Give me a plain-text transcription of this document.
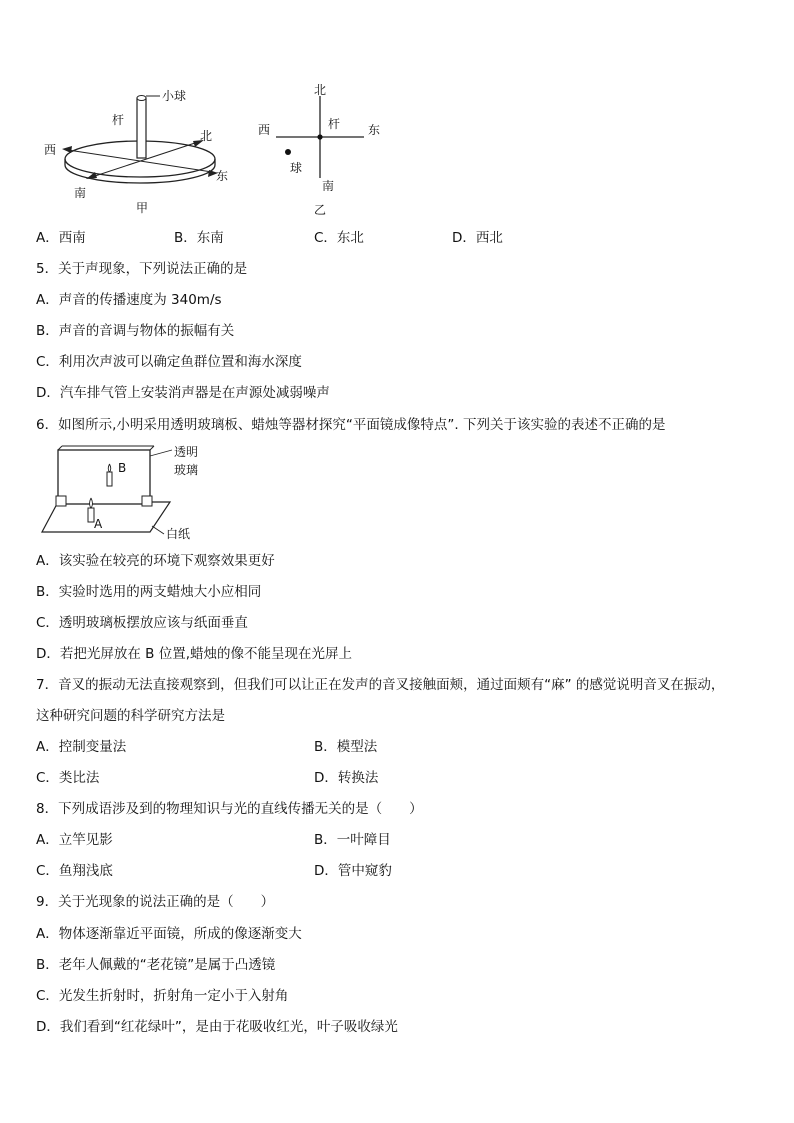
小球
杆
西
北
南
东
甲
北
西	杆 东
球
南
乙
A．西南	B．东南	C．东北	D．西北
5．关于声现象，下列说法正确的是
A．声音的传播速度为 340m/s
B．声音的音调与物体的振幅有关
C．利用次声波可以确定鱼群位置和海水深度
D．汽车排气管上安装消声器是在声源处减弱噪声
6．如图所示,小明采用透明玻璃板、蜡烛等器材探究“平面镜成像特点”. 下列关于该实验的表述不正确的是
透明
玻璃
B
A
白纸
A．该实验在较亮的环境下观察效果更好
B．实验时选用的两支蜡烛大小应相同
C．透明玻璃板摆放应该与纸面垂直
D．若把光屏放在 B 位置,蜡烛的像不能呈现在光屏上
7．音叉的振动无法直接观察到，但我们可以让正在发声的音叉接触面颊，通过面颊有“麻” 的感觉说明音叉在振动，
这种研究问题的科学研究方法是
A．控制变量法	B．模型法
C．类比法	D．转换法
8．下列成语涉及到的物理知识与光的直线传播无关的是（　　）
A．立竿见影	B．一叶障目
C．鱼翔浅底	D．管中窥豹
9．关于光现象的说法正确的是（　　）
A．物体逐渐靠近平面镜，所成的像逐渐变大
B．老年人佩戴的“老花镜”是属于凸透镜
C．光发生折射时，折射角一定小于入射角
D．我们看到“红花绿叶”，是由于花吸收红光，叶子吸收绿光
